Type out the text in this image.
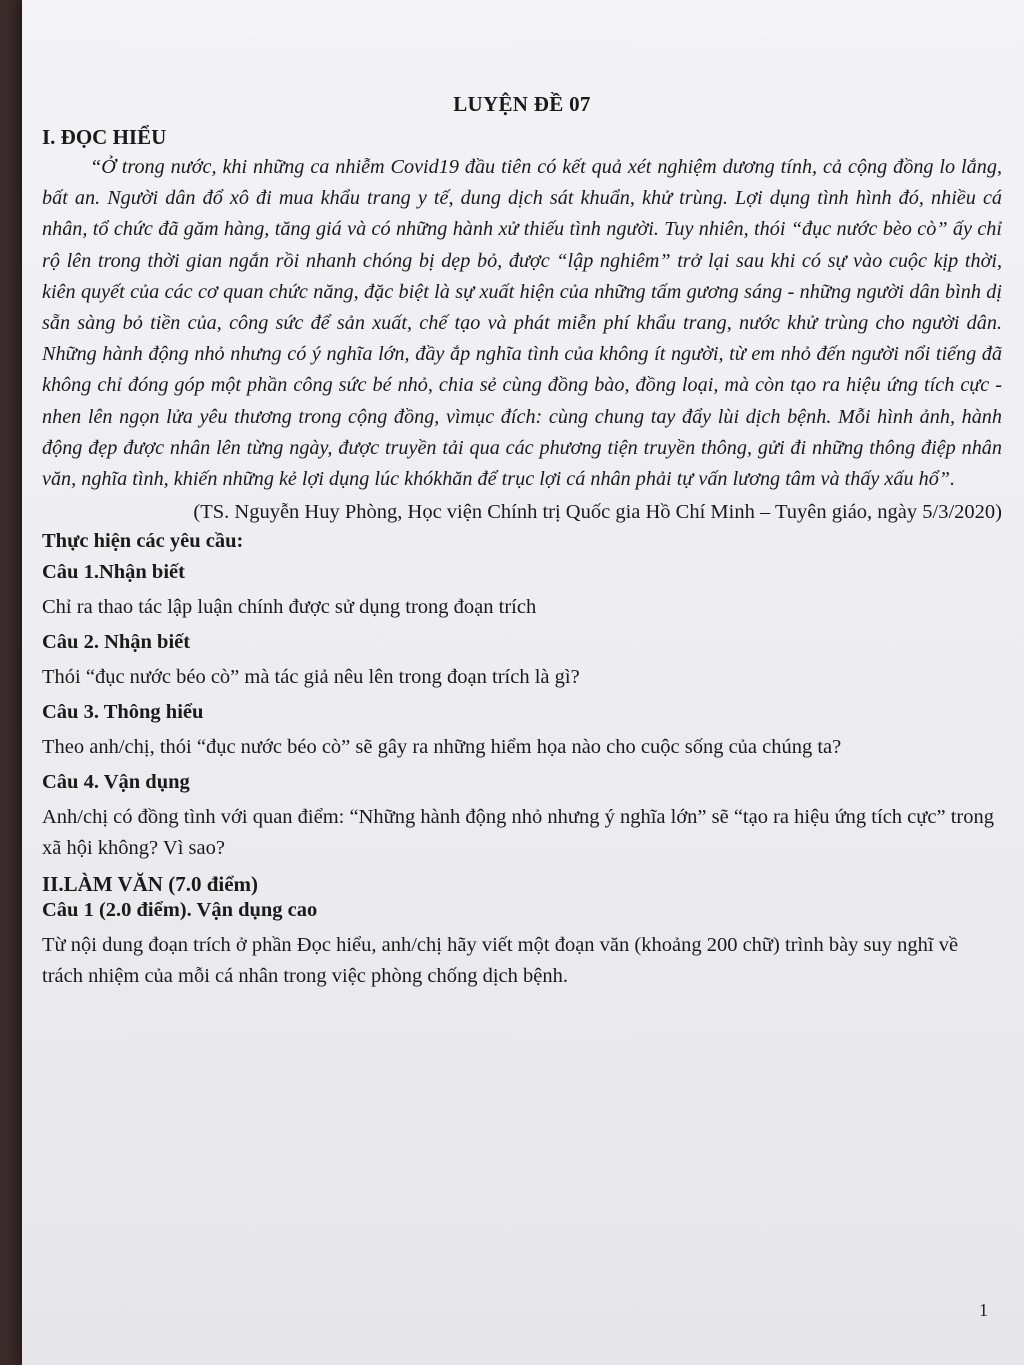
LUYỆN ĐỀ 07
I. ĐỌC HIỂU
“Ở trong nước, khi những ca nhiễm Covid19 đầu tiên có kết quả xét nghiệm dương tính, cả cộng đồng lo lắng, bất an. Người dân đổ xô đi mua khẩu trang y tế, dung dịch sát khuẩn, khử trùng. Lợi dụng tình hình đó, nhiều cá nhân, tổ chức đã găm hàng, tăng giá và có những hành xử thiếu tình người. Tuy nhiên, thói “đục nước bèo cò” ấy chỉ rộ lên trong thời gian ngắn rồi nhanh chóng bị dẹp bỏ, được “lập nghiêm” trở lại sau khi có sự vào cuộc kịp thời, kiên quyết của các cơ quan chức năng, đặc biệt là sự xuất hiện của những tấm gương sáng - những người dân bình dị sẵn sàng bỏ tiền của, công sức để sản xuất, chế tạo và phát miễn phí khẩu trang, nước khử trùng cho người dân. Những hành động nhỏ nhưng có ý nghĩa lớn, đầy ắp nghĩa tình của không ít người, từ em nhỏ đến người nổi tiếng đã không chỉ đóng góp một phần công sức bé nhỏ, chia sẻ cùng đồng bào, đồng loại, mà còn tạo ra hiệu ứng tích cực - nhen lên ngọn lửa yêu thương trong cộng đồng, vìmục đích: cùng chung tay đẩy lùi dịch bệnh. Mỗi hình ảnh, hành động đẹp được nhân lên từng ngày, được truyền tải qua các phương tiện truyền thông, gửi đi những thông điệp nhân văn, nghĩa tình, khiến những kẻ lợi dụng lúc khókhăn để trục lợi cá nhân phải tự vấn lương tâm và thấy xấu hổ”.
(TS. Nguyễn Huy Phòng, Học viện Chính trị Quốc gia Hồ Chí Minh – Tuyên giáo, ngày 5/3/2020)
Thực hiện các yêu cầu:
Câu 1.Nhận biết
Chỉ ra thao tác lập luận chính được sử dụng trong đoạn trích
Câu 2. Nhận biết
Thói “đục nước béo cò” mà tác giả nêu lên trong đoạn trích là gì?
Câu 3. Thông hiểu
Theo anh/chị, thói “đục nước béo cò” sẽ gây ra những hiểm họa nào cho cuộc sống của chúng ta?
Câu 4. Vận dụng
Anh/chị có đồng tình với quan điểm: “Những hành động nhỏ nhưng ý nghĩa lớn” sẽ “tạo ra hiệu ứng tích cực” trong xã hội không? Vì sao?
II.LÀM VĂN (7.0 điểm)
Câu 1 (2.0 điểm). Vận dụng cao
Từ nội dung đoạn trích ở phần Đọc hiểu, anh/chị hãy viết một đoạn văn (khoảng 200 chữ) trình bày suy nghĩ về trách nhiệm của mỗi cá nhân trong việc phòng chống dịch bệnh.
1
